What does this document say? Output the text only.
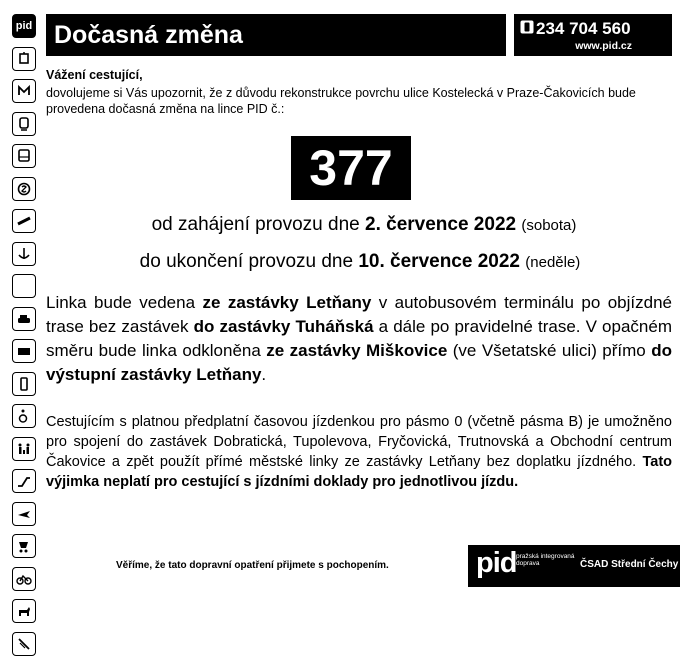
pid Dočasná změna	234 704 560
www.pid.cz
Vážení cestující,
dovolujeme si Vás upozornit, že z důvodu rekonstrukce povrchu ulice Kostelecká v Praze-Čakovicích bude provedena dočasná změna na lince PID č.:
377
od zahájení provozu dne 2. července 2022 (sobota)
do ukončení provozu dne 10. července 2022 (neděle)
Linka bude vedena ze zastávky Letňany v autobusovém terminálu po objízdné trase bez zastávek do zastávky Tuháňská a dále po pravidelné trase. V opačném směru bude linka odkloněna ze zastávky Miškovice (ve Všetatské ulici) přímo do výstupní zastávky Letňany.
Cestujícím s platnou předplatní časovou jízdenkou pro pásmo 0 (včetně pásma B) je umožněno pro spojení do zastávek Dobratická, Tupolevova, Fryčovická, Trutnovská a Obchodní centrum Čakovice a zpět použít přímé městské linky ze zastávky Letňany bez doplatku jízdného. Tato výjimka neplatí pro cestující s jízdními doklady pro jednotlivou jízdu.
Věříme, že tato dopravní opatření přijmete s pochopením.	pid pražská integrovaná doprava	ČSAD Střední Čechy
